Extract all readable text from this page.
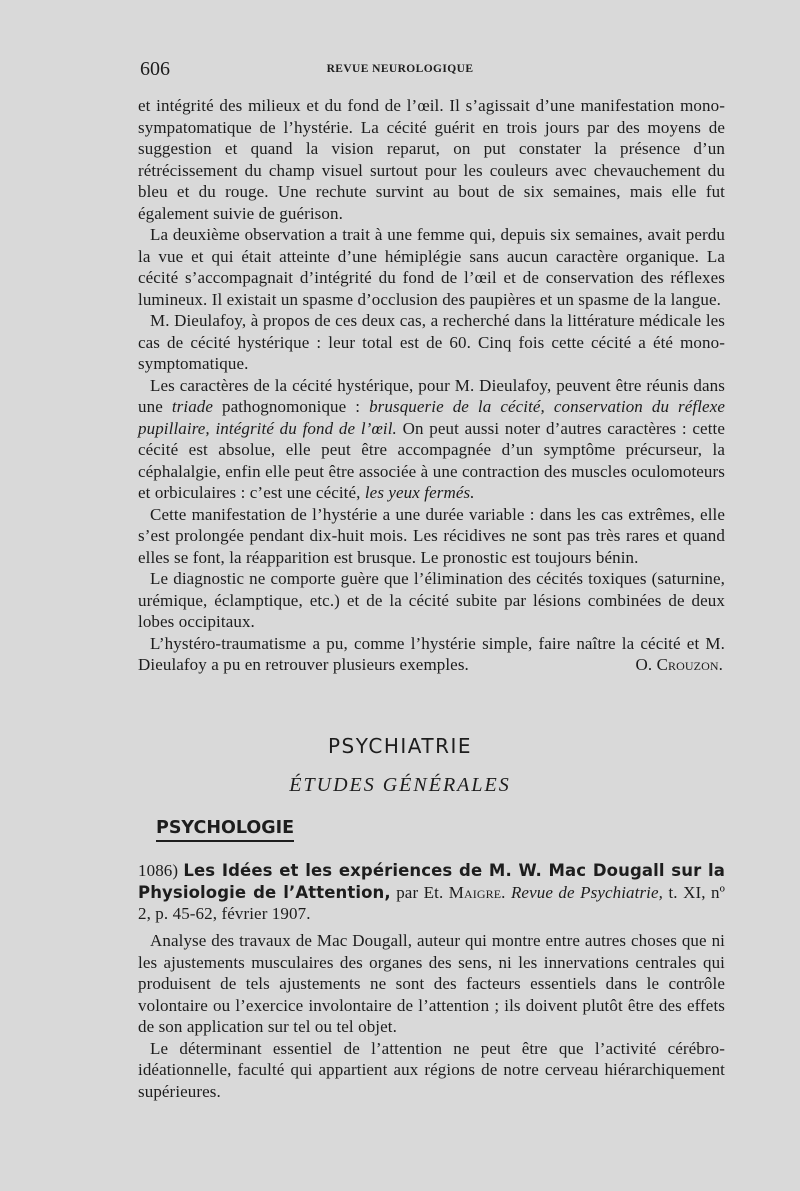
606	REVUE NEUROLOGIQUE

et intégrité des milieux et du fond de l’œil. Il s’agissait d’une manifestation mono-sympatomatique de l’hystérie. La cécité guérit en trois jours par des moyens de suggestion et quand la vision reparut, on put constater la présence d’un rétrécissement du champ visuel surtout pour les couleurs avec chevauchement du bleu et du rouge. Une rechute survint au bout de six semaines, mais elle fut également suivie de guérison.

La deuxième observation a trait à une femme qui, depuis six semaines, avait perdu la vue et qui était atteinte d’une hémiplégie sans aucun caractère organique. La cécité s’accompagnait d’intégrité du fond de l’œil et de conservation des réflexes lumineux. Il existait un spasme d’occlusion des paupières et un spasme de la langue.

M. Dieulafoy, à propos de ces deux cas, a recherché dans la littérature médicale les cas de cécité hystérique : leur total est de 60. Cinq fois cette cécité a été mono-symptomatique.

Les caractères de la cécité hystérique, pour M. Dieulafoy, peuvent être réunis dans une triade pathognomonique : brusquerie de la cécité, conservation du réflexe pupillaire, intégrité du fond de l’œil. On peut aussi noter d’autres caractères : cette cécité est absolue, elle peut être accompagnée d’un symptôme précurseur, la céphalalgie, enfin elle peut être associée à une contraction des muscles oculomoteurs et orbiculaires : c’est une cécité, les yeux fermés.

Cette manifestation de l’hystérie a une durée variable : dans les cas extrêmes, elle s’est prolongée pendant dix-huit mois. Les récidives ne sont pas très rares et quand elles se font, la réapparition est brusque. Le pronostic est toujours bénin.

Le diagnostic ne comporte guère que l’élimination des cécités toxiques (saturnine, urémique, éclamptique, etc.) et de la cécité subite par lésions combinées de deux lobes occipitaux.

L’hystéro-traumatisme a pu, comme l’hystérie simple, faire naître la cécité et M. Dieulafoy a pu en retrouver plusieurs exemples.	O. Crouzon.

PSYCHIATRIE
ÉTUDES GÉNÉRALES
PSYCHOLOGIE

1086) Les Idées et les expériences de M. W. Mac Dougall sur la Physiologie de l’Attention, par Et. Maigre. Revue de Psychiatrie, t. XI, nº 2, p. 45-62, février 1907.

Analyse des travaux de Mac Dougall, auteur qui montre entre autres choses que ni les ajustements musculaires des organes des sens, ni les innervations centrales qui produisent de tels ajustements ne sont des facteurs essentiels dans le contrôle volontaire ou l’exercice involontaire de l’attention ; ils doivent plutôt être des effets de son application sur tel ou tel objet.

Le déterminant essentiel de l’attention ne peut être que l’activité cérébro-idéationnelle, faculté qui appartient aux régions de notre cerveau hiérarchiquement supérieures.
